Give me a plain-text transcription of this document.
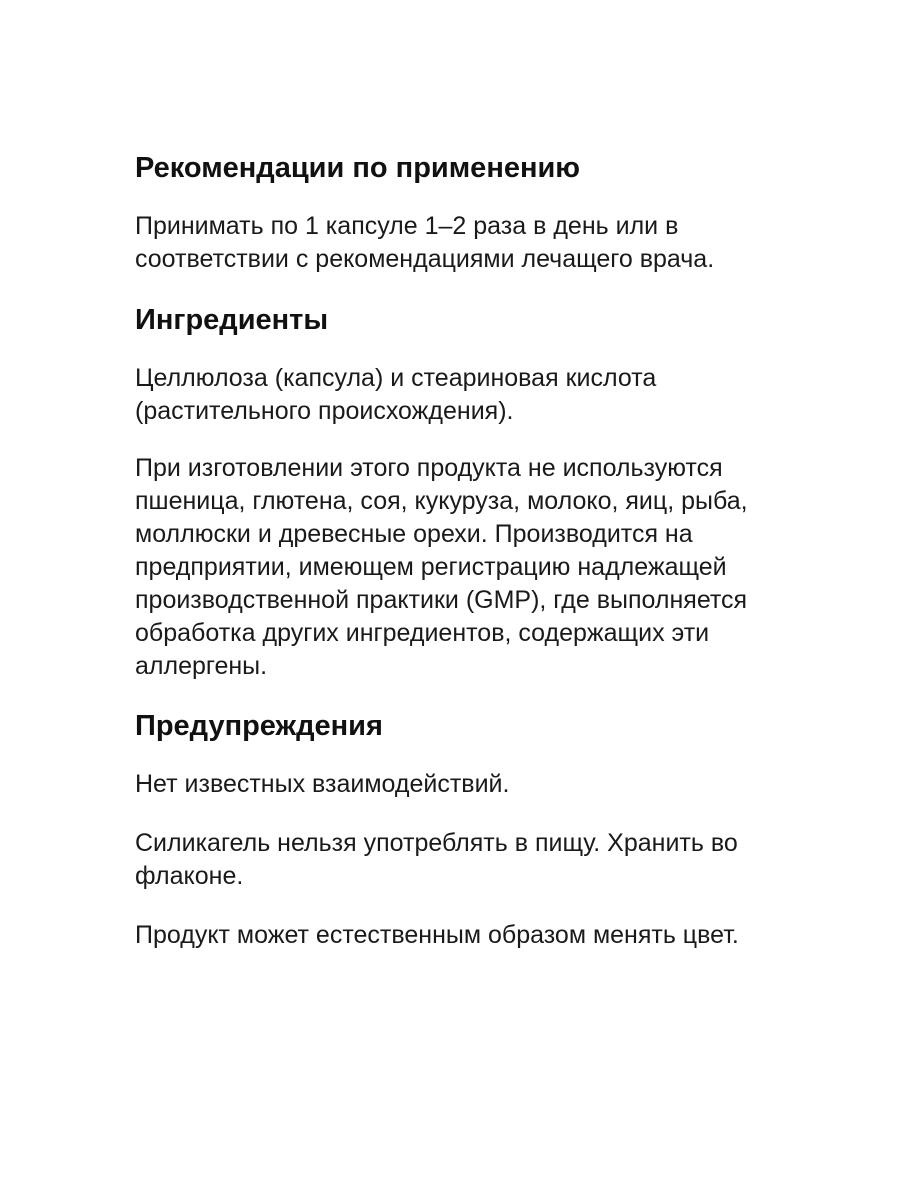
Рекомендации по применению

Принимать по 1 капсуле 1–2 раза в день или в соответствии с рекомендациями лечащего врача.

Ингредиенты

Целлюлоза (капсула) и стеариновая кислота (растительного происхождения).

При изготовлении этого продукта не используются пшеница, глютена, соя, кукуруза, молоко, яиц, рыба, моллюски и древесные орехи. Производится на предприятии, имеющем регистрацию надлежащей производственной практики (GMP), где выполняется обработка других ингредиентов, содержащих эти аллергены.

Предупреждения

Нет известных взаимодействий.

Силикагель нельзя употреблять в пищу. Хранить во флаконе.

Продукт может естественным образом менять цвет.
